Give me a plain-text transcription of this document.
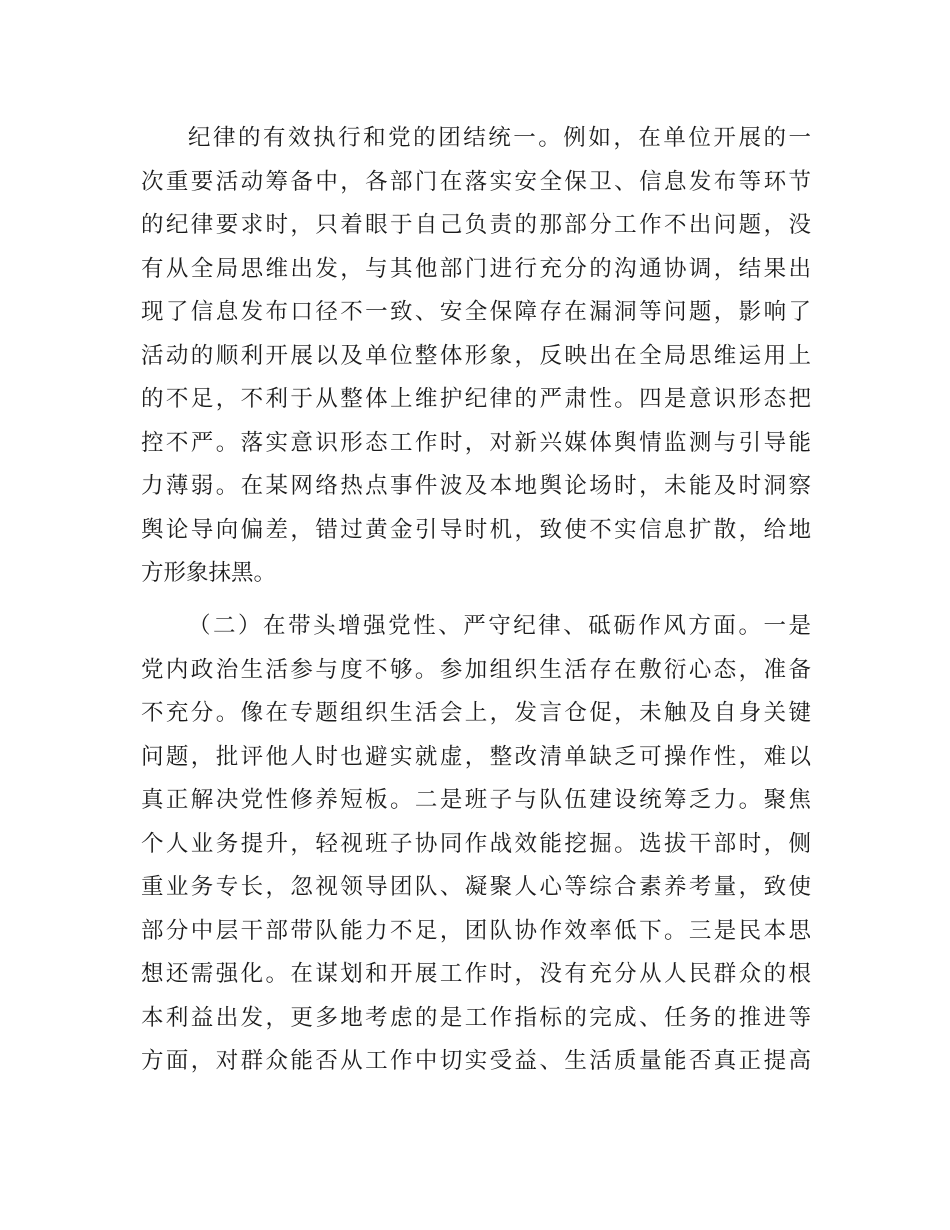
纪律的有效执行和党的团结统一。例如，在单位开展的一
次重要活动筹备中，各部门在落实安全保卫、信息发布等环节
的纪律要求时，只着眼于自己负责的那部分工作不出问题，没
有从全局思维出发，与其他部门进行充分的沟通协调，结果出
现了信息发布口径不一致、安全保障存在漏洞等问题，影响了
活动的顺利开展以及单位整体形象，反映出在全局思维运用上
的不足，不利于从整体上维护纪律的严肃性。四是意识形态把
控不严。落实意识形态工作时，对新兴媒体舆情监测与引导能
力薄弱。在某网络热点事件波及本地舆论场时，未能及时洞察
舆论导向偏差，错过黄金引导时机，致使不实信息扩散，给地
方形象抹黑。
（二）在带头增强党性、严守纪律、砥砺作风方面。一是
党内政治生活参与度不够。参加组织生活存在敷衍心态，准备
不充分。像在专题组织生活会上，发言仓促，未触及自身关键
问题，批评他人时也避实就虚，整改清单缺乏可操作性，难以
真正解决党性修养短板。二是班子与队伍建设统筹乏力。聚焦
个人业务提升，轻视班子协同作战效能挖掘。选拔干部时，侧
重业务专长，忽视领导团队、凝聚人心等综合素养考量，致使
部分中层干部带队能力不足，团队协作效率低下。三是民本思
想还需强化。在谋划和开展工作时，没有充分从人民群众的根
本利益出发，更多地考虑的是工作指标的完成、任务的推进等
方面，对群众能否从工作中切实受益、生活质量能否真正提高
